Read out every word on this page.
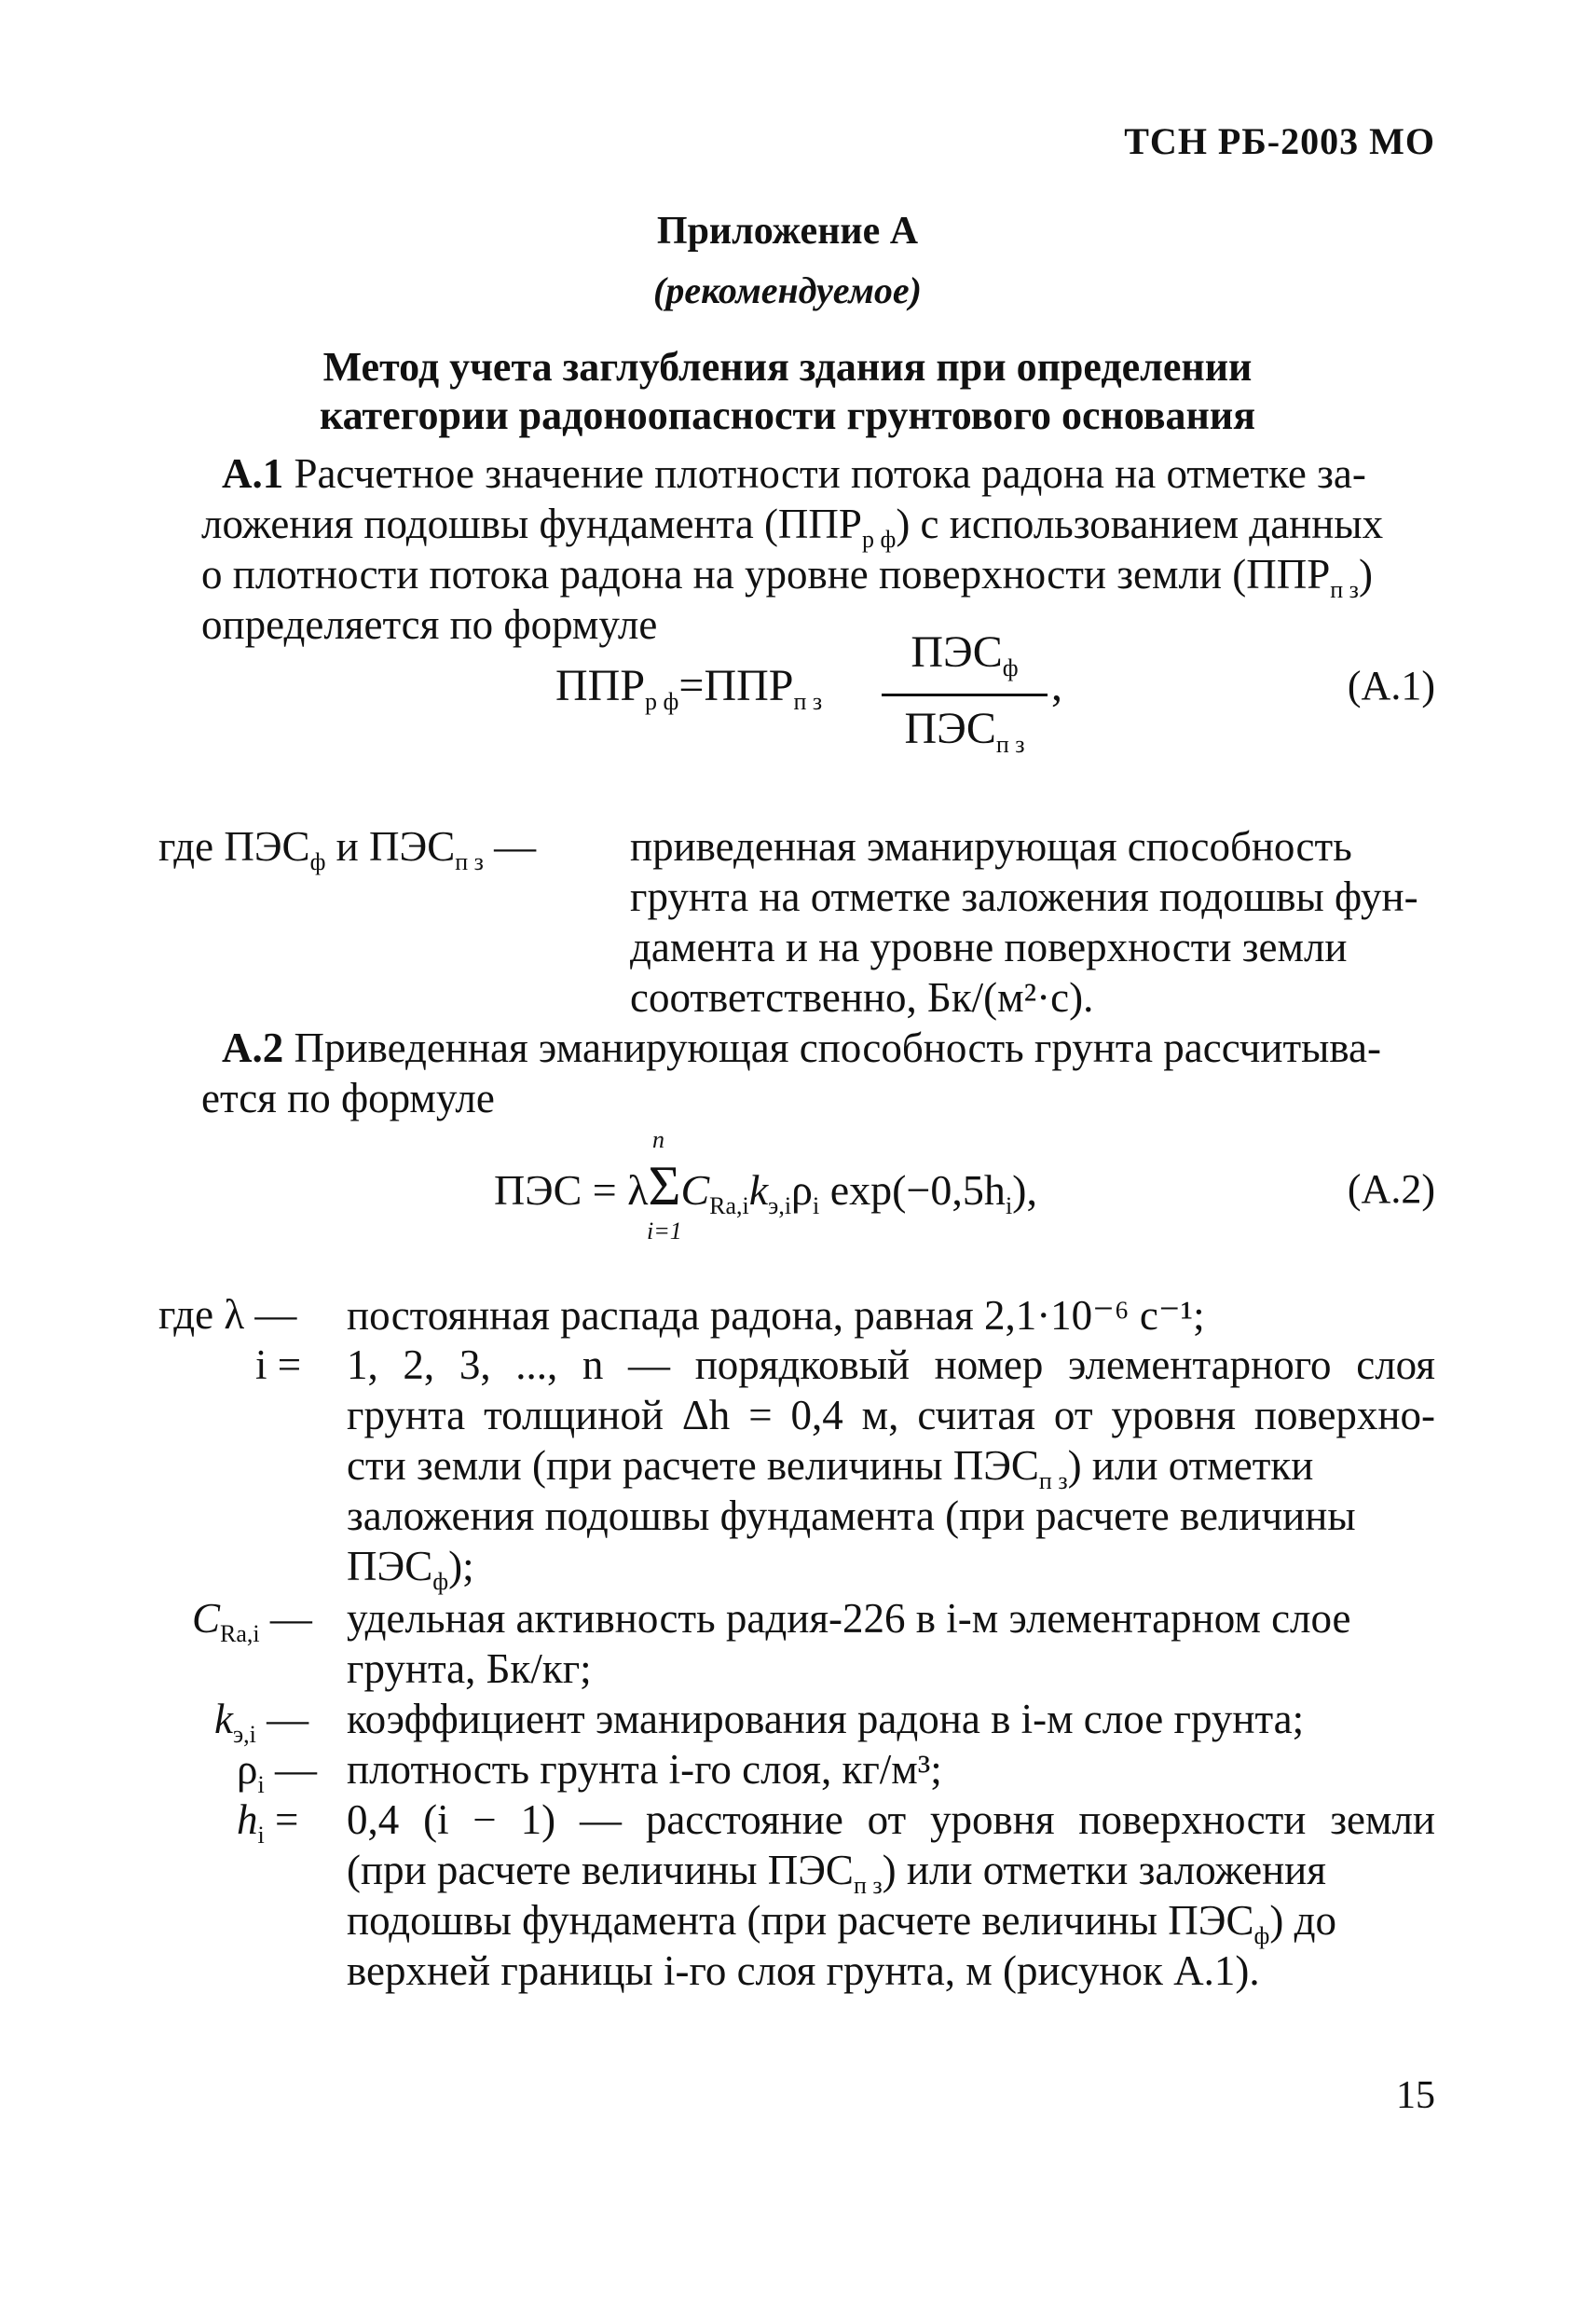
ТСН РБ-2003 МО
Приложение А
(рекомендуемое)
Метод учета заглубления здания при определении
категории радоноопасности грунтового основания
А.1 Расчетное значение плотности потока радона на отметке за-
ложения подошвы фундамента $(ППР_{р ф})$ с использованием данных
о плотности потока радона на уровне поверхности земли $(ППР_{п з})$
определяется по формуле
$ППР_{р ф}=ППР_{п з}$
$ПЭС_ф$
$ПЭС_{п з}$
,	(А.1)
где $ПЭС_ф$ и $ПЭС_{п з}$ — приведенная эманирующая способность
грунта на отметке заложения подошвы фун-
дамента и на уровне поверхности земли
соответственно, Бк/(м²·с).
А.2 Приведенная эманирующая способность грунта рассчитыва-
ется по формуле
n
i=1
ПЭС = $\lambda\Sigma C_{Ra,i}k_{э,i}\rho_i$ $\exp(-0,5h_i)$,	(А.2)
где λ — постоянная распада радона, равная 2,1·10⁻⁶ с⁻¹;
i = 1, 2, 3, ..., n — порядковый номер элементарного слоя
грунта толщиной Δh = 0,4 м, считая от уровня поверхно-
сти земли (при расчете величины $ПЭС_{п з}$) или отметки
заложения подошвы фундамента (при расчете величины
$ПЭС_ф$);
$C_{Ra,i}$ — удельная активность радия-226 в i-м элементарном слое
грунта, Бк/кг;
$k_{э,i}$ — коэффициент эманирования радона в i-м слое грунта;
$\rho_i$ — плотность грунта i-го слоя, кг/м³;
$h_i = 0,4$ (i − 1) — расстояние от уровня поверхности земли
(при расчете величины $ПЭС_{п з}$) или отметки заложения
подошвы фундамента (при расчете величины $ПЭС_ф$) до
верхней границы i-го слоя грунта, м (рисунок А.1).
15
